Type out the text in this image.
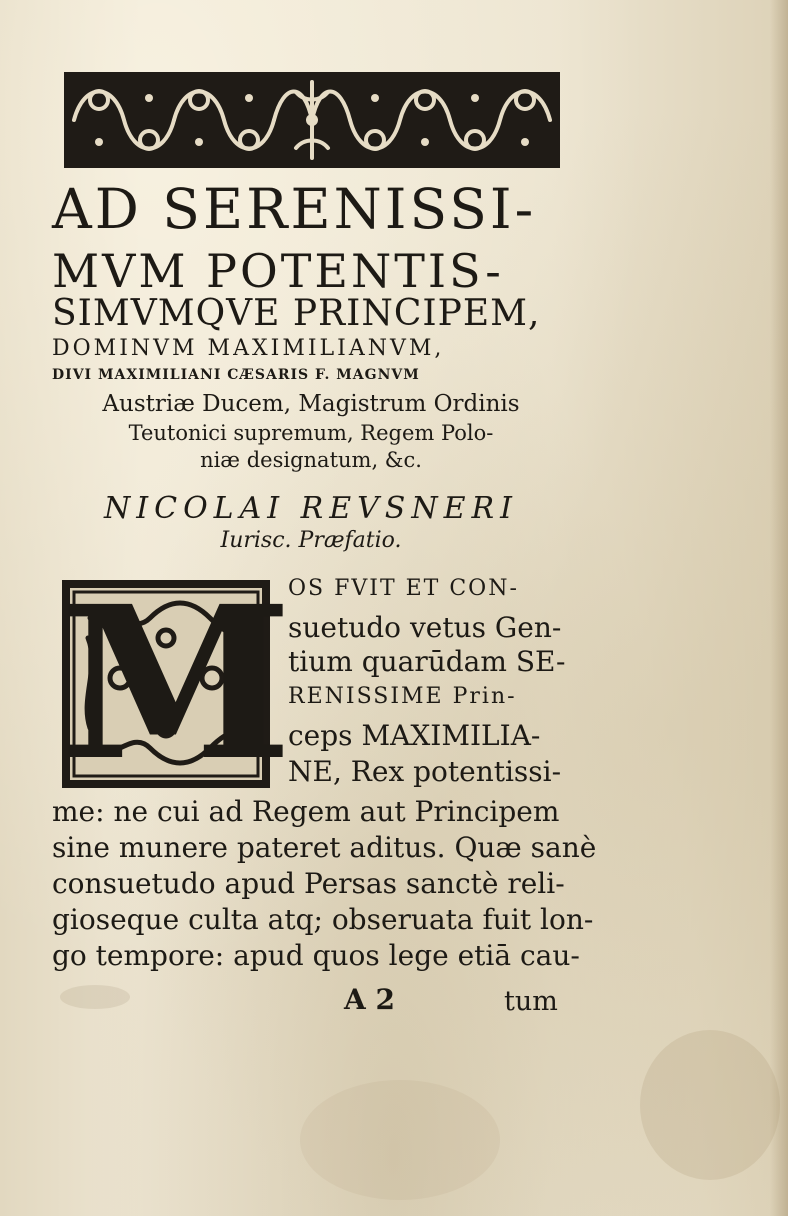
AD SERENISSI-
MVM POTENTIS-
SIMVMQVE PRINCIPEM,
DOMINVM MAXIMILIANVM,
DIVI MAXIMILIANI CÆSARIS F. MAGNVM
Austriæ Ducem, Magistrum Ordinis
Teutonici supremum, Regem Polo-
niæ designatum, &c.
NICOLAI REVSNERI
Iurisc. Præfatio.
M
OS FVIT ET CON-
suetudo vetus Gen-
tium quarūdam SE-
RENISSIME Prin-
ceps MAXIMILIA-
NE, Rex potentissi-
me: ne cui ad Regem aut Principem
sine munere pateret aditus. Quæ sanè
consuetudo apud Persas sanctè reli-
gioseque culta atq; obseruata fuit lon-
go tempore: apud quos lege etiā cau-
A 2	tum
